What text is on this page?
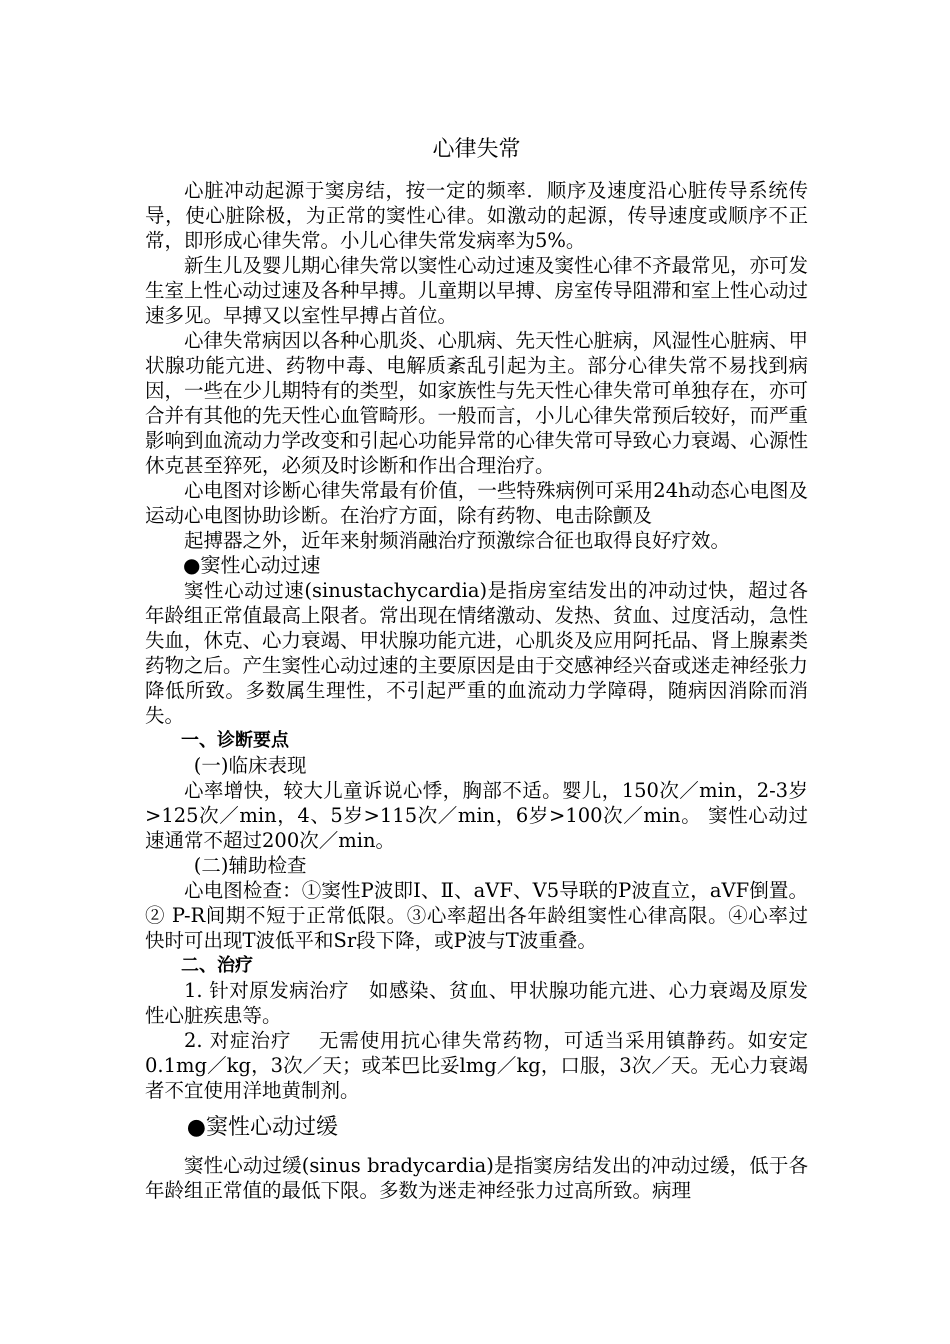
心律失常

心脏冲动起源于窦房结，按一定的频率．顺序及速度沿心脏传导系统传导，使心脏除极，为正常的窦性心律。如激动的起源，传导速度或顺序不正常，即形成心律失常。小儿心律失常发病率为5%。

新生儿及婴儿期心律失常以窦性心动过速及窦性心律不齐最常见，亦可发生室上性心动过速及各种早搏。儿童期以早搏、房室传导阻滞和室上性心动过速多见。早搏又以室性早搏占首位。

心律失常病因以各种心肌炎、心肌病、先天性心脏病，风湿性心脏病、甲状腺功能亢进、药物中毒、电解质紊乱引起为主。部分心律失常不易找到病因，一些在少儿期特有的类型，如家族性与先天性心律失常可单独存在，亦可合并有其他的先天性心血管畸形。一般而言，小儿心律失常预后较好，而严重影响到血流动力学改变和引起心功能异常的心律失常可导致心力衰竭、心源性休克甚至猝死，必须及时诊断和作出合理治疗。

心电图对诊断心律失常最有价值，一些特殊病例可采用24h动态心电图及运动心电图协助诊断。在治疗方面，除有药物、电击除颤及

起搏器之外，近年来射频消融治疗预激综合征也取得良好疗效。

●窦性心动过速

窦性心动过速(sinustachycardia)是指房室结发出的冲动过快，超过各年龄组正常值最高上限者。常出现在情绪激动、发热、贫血、过度活动，急性失血，休克、心力衰竭、甲状腺功能亢进，心肌炎及应用阿托品、肾上腺素类药物之后。产生窦性心动过速的主要原因是由于交感神经兴奋或迷走神经张力降低所致。多数属生理性，不引起严重的血流动力学障碍，随病因消除而消失。

一、诊断要点
(一)临床表现

心率增快，较大儿童诉说心悸，胸部不适。婴儿，150次／min，2-3岁>125次／min，4、5岁>115次／min，6岁>100次／min。 窦性心动过速通常不超过200次／min。

(二)辅助检查

心电图检查：①窦性P波即I、Ⅱ、aVF、V5导联的P波直立，aVF倒置。② P-R间期不短于正常低限。③心率超出各年龄组窦性心律高限。④心率过快时可出现T波低平和Sr段下降，或P波与T波重叠。

二、治疗

1. 针对原发病治疗　如感染、贫血、甲状腺功能亢进、心力衰竭及原发性心脏疾患等。

2. 对症治疗　 无需使用抗心律失常药物，可适当采用镇静药。如安定0.1mg／kg，3次／天；或苯巴比妥lmg／kg，口服，3次／天。无心力衰竭者不宜使用洋地黄制剂。

●窦性心动过缓

窦性心动过缓(sinus bradycardia)是指窦房结发出的冲动过缓，低于各年龄组正常值的最低下限。多数为迷走神经张力过高所致。病理
